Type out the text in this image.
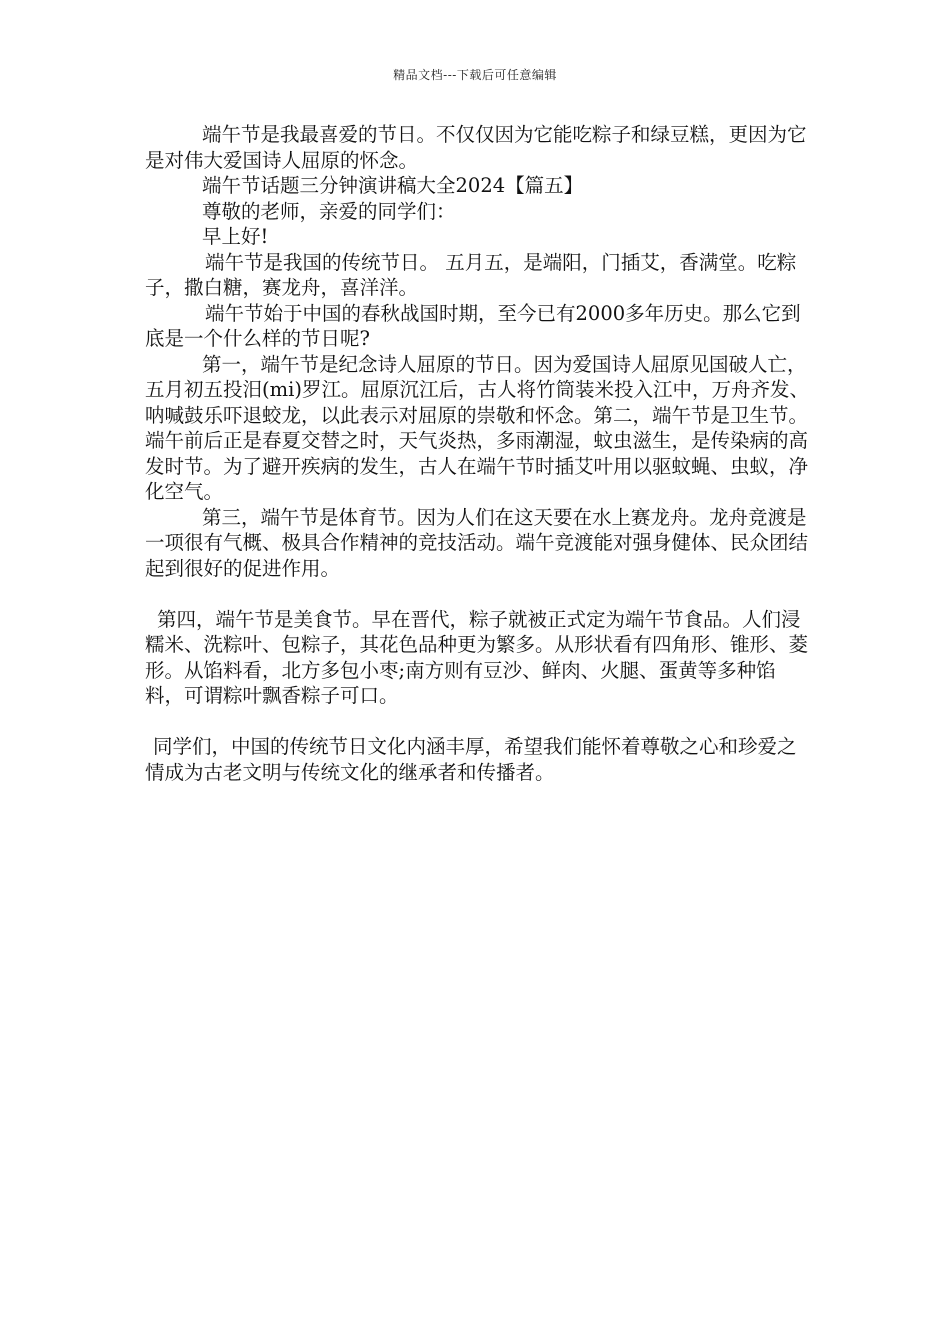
精品文档---下载后可任意编辑

端午节是我最喜爱的节日。不仅仅因为它能吃粽子和绿豆糕，更因为它是对伟大爱国诗人屈原的怀念。

端午节话题三分钟演讲稿大全2024【篇五】

尊敬的老师，亲爱的同学们：

早上好!

端午节是我国的传统节日。 五月五，是端阳，门插艾，香满堂。吃粽子，撒白糖，赛龙舟，喜洋洋。

端午节始于中国的春秋战国时期，至今已有2000多年历史。那么它到底是一个什么样的节日呢?

第一，端午节是纪念诗人屈原的节日。因为爱国诗人屈原见国破人亡，五月初五投汨(mi)罗江。屈原沉江后，古人将竹筒装米投入江中，万舟齐发、呐喊鼓乐吓退蛟龙，以此表示对屈原的崇敬和怀念。第二，端午节是卫生节。端午前后正是春夏交替之时，天气炎热，多雨潮湿，蚊虫滋生，是传染病的高发时节。为了避开疾病的发生，古人在端午节时插艾叶用以驱蚊蝇、虫蚁，净化空气。

第三，端午节是体育节。因为人们在这天要在水上赛龙舟。龙舟竞渡是一项很有气概、极具合作精神的竞技活动。端午竞渡能对强身健体、民众团结起到很好的促进作用。

第四，端午节是美食节。早在晋代，粽子就被正式定为端午节食品。人们浸糯米、洗粽叶、包粽子，其花色品种更为繁多。从形状看有四角形、锥形、菱形。从馅料看，北方多包小枣;南方则有豆沙、鲜肉、火腿、蛋黄等多种馅料，可谓粽叶飘香粽子可口。

同学们，中国的传统节日文化内涵丰厚，希望我们能怀着尊敬之心和珍爱之情成为古老文明与传统文化的继承者和传播者。
